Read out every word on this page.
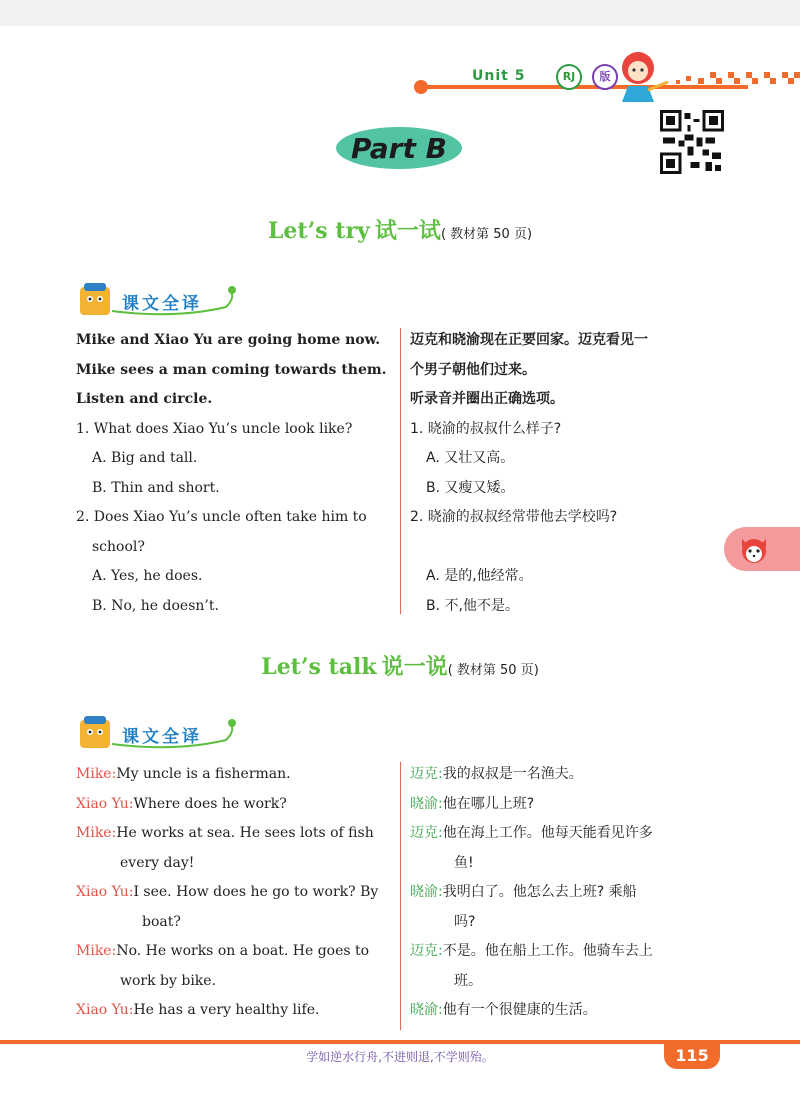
Unit 5	RJ	版
Part B
Let’s try 试一试( 教材第 50 页)
课文全译
Mike and Xiao Yu are going home now.	迈克和晓渝现在正要回家。迈克看见一
Mike sees a man coming towards them.	个男子朝他们过来。
Listen and circle.	听录音并圈出正确选项。
1. What does Xiao Yu’s uncle look like?	1. 晓渝的叔叔什么样子?
A. Big and tall.	A. 又壮又高。
B. Thin and short.	B. 又瘦又矮。
2. Does Xiao Yu’s uncle often take him to	2. 晓渝的叔叔经常带他去学校吗?
school?
A. Yes, he does.	A. 是的,他经常。
B. No, he doesn’t.	B. 不,他不是。
Let’s talk 说一说( 教材第 50 页)
课文全译
Mike:My uncle is a fisherman.	迈克:我的叔叔是一名渔夫。
Xiao Yu:Where does he work?	晓渝:他在哪儿上班?
Mike:He works at sea. He sees lots of fish	迈克:他在海上工作。他每天能看见许多
every day!	鱼!
Xiao Yu:I see. How does he go to work? By	晓渝:我明白了。他怎么去上班? 乘船
boat?	吗?
Mike:No. He works on a boat. He goes to	迈克:不是。他在船上工作。他骑车去上
work by bike.	班。
Xiao Yu:He has a very healthy life.	晓渝:他有一个很健康的生活。
学如逆水行舟,不进则退,不学则殆。	115
